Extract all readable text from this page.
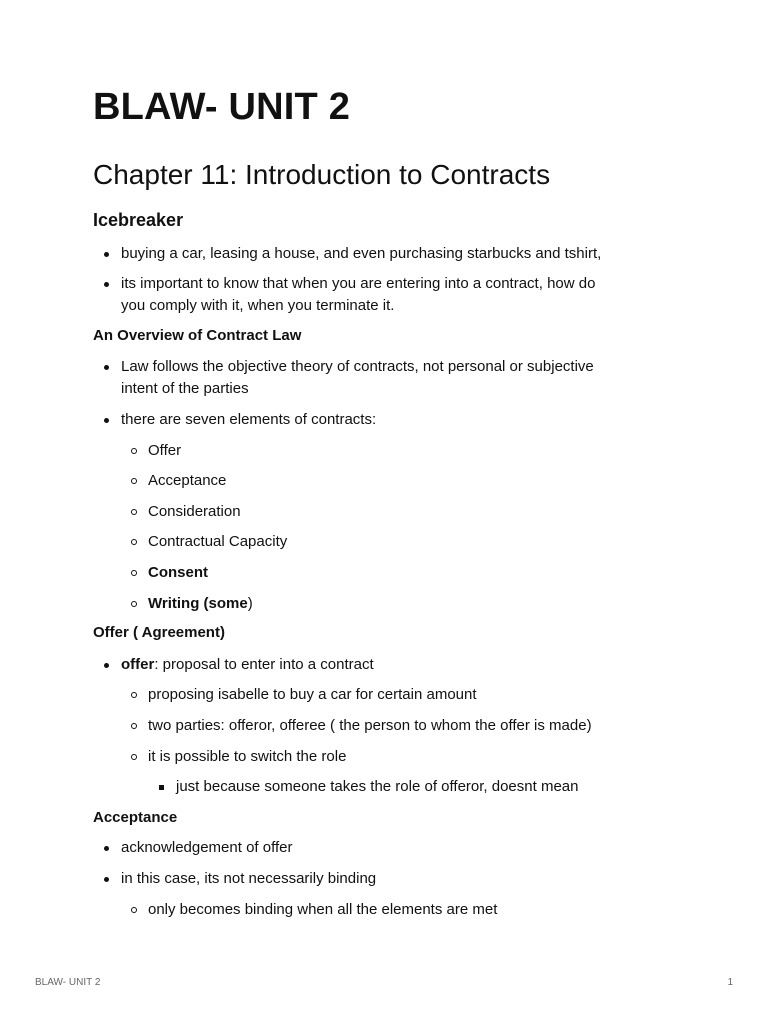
BLAW- UNIT 2
Chapter 11: Introduction to Contracts
Icebreaker
buying a car, leasing a house, and even purchasing starbucks and tshirt,
its important to know that when you are entering into a contract, how do
you comply with it, when you terminate it.

An Overview of Contract Law

Law follows the objective theory of contracts, not personal or subjective
intent of the parties
there are seven elements of contracts:
Offer
Acceptance
Consideration
Contractual Capacity
Consent
Writing (some)

Offer ( Agreement)

offer: proposal to enter into a contract
proposing isabelle to buy a car for certain amount
two parties: offeror, offeree ( the person to whom the offer is made)
it is possible to switch the role
just because someone takes the role of offeror, doesnt mean

Acceptance

acknowledgement of offer
in this case, its not necessarily binding
only becomes binding when all the elements are met
BLAW- UNIT 2	1
